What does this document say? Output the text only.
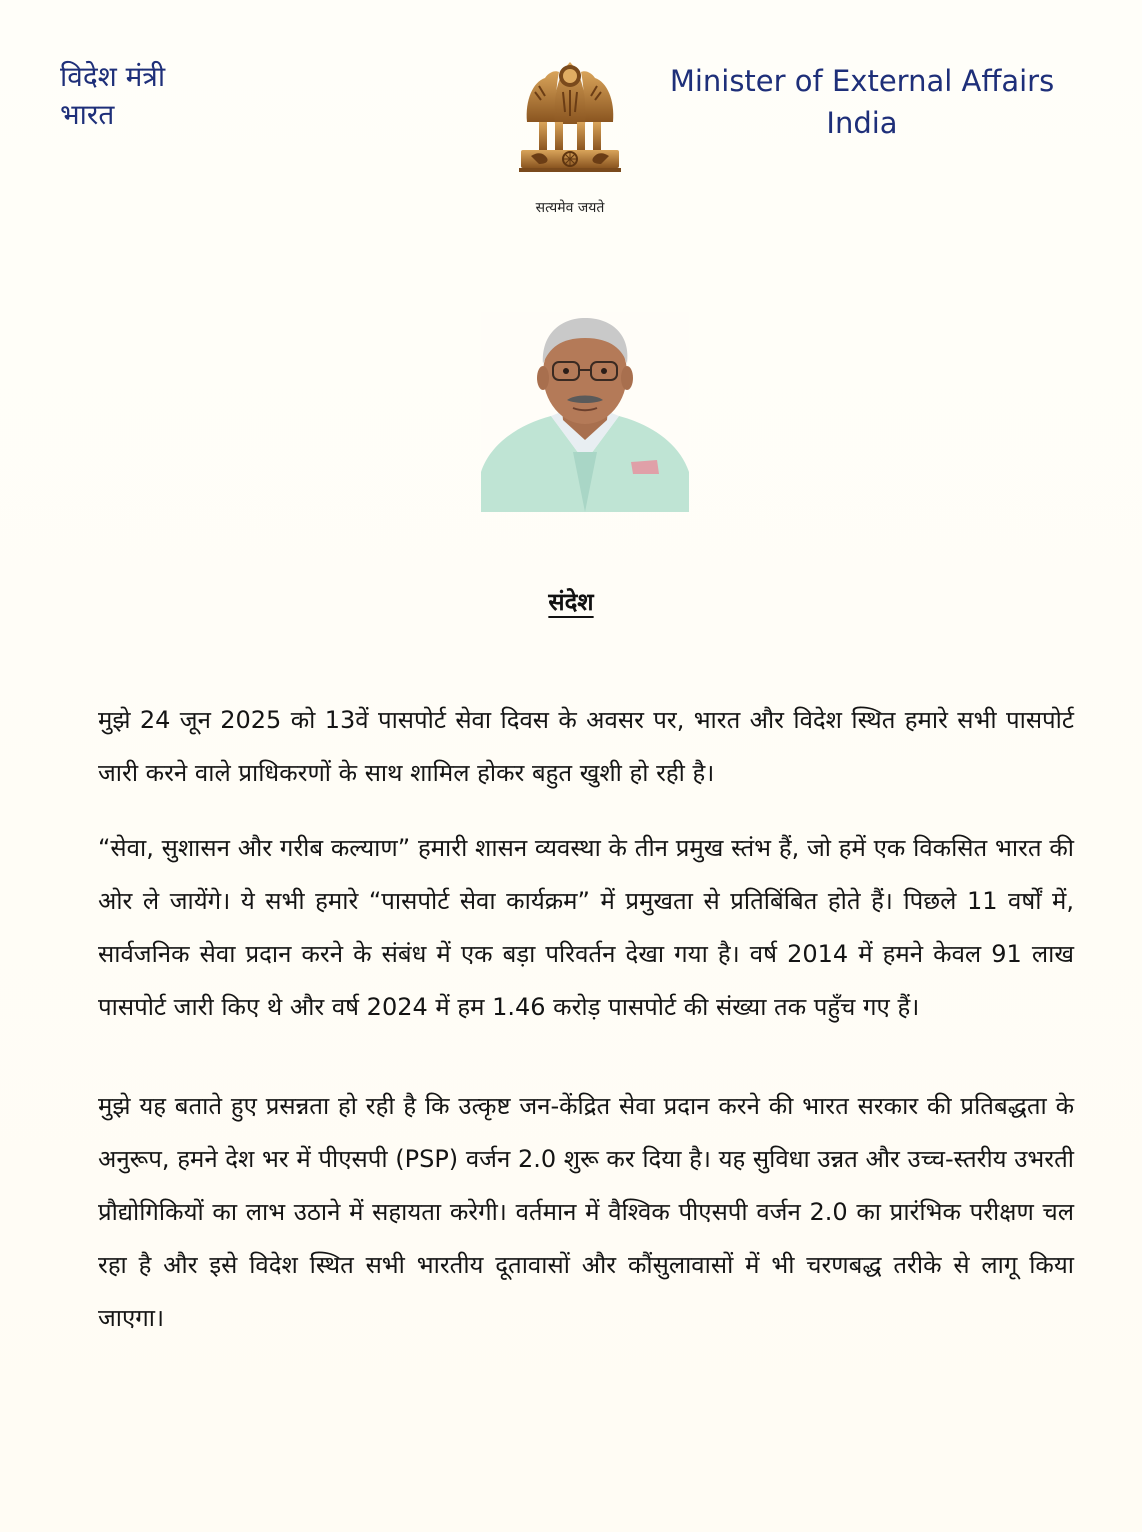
विदेश मंत्री
भारत
सत्यमेव जयते
Minister of External Affairs
India
संदेश

मुझे 24 जून 2025 को 13वें पासपोर्ट सेवा दिवस के अवसर पर, भारत और विदेश स्थित हमारे सभी पासपोर्ट जारी करने वाले प्राधिकरणों के साथ शामिल होकर बहुत खुशी हो रही है।

“सेवा, सुशासन और गरीब कल्याण” हमारी शासन व्यवस्था के तीन प्रमुख स्तंभ हैं, जो हमें एक विकसित भारत की ओर ले जायेंगे। ये सभी हमारे “पासपोर्ट सेवा कार्यक्रम” में प्रमुखता से प्रतिबिंबित होते हैं। पिछले 11 वर्षों में, सार्वजनिक सेवा प्रदान करने के संबंध में एक बड़ा परिवर्तन देखा गया है। वर्ष 2014 में हमने केवल 91 लाख पासपोर्ट जारी किए थे और वर्ष 2024 में हम 1.46 करोड़ पासपोर्ट की संख्या तक पहुँच गए हैं।

मुझे यह बताते हुए प्रसन्नता हो रही है कि उत्कृष्ट जन-केंद्रित सेवा प्रदान करने की भारत सरकार की प्रतिबद्धता के अनुरूप, हमने देश भर में पीएसपी (PSP) वर्जन 2.0 शुरू कर दिया है। यह सुविधा उन्नत और उच्च-स्तरीय उभरती प्रौद्योगिकियों का लाभ उठाने में सहायता करेगी। वर्तमान में वैश्विक पीएसपी वर्जन 2.0 का प्रारंभिक परीक्षण चल रहा है और इसे विदेश स्थित सभी भारतीय दूतावासों और कौंसुलावासों में भी चरणबद्ध तरीके से लागू किया जाएगा।
